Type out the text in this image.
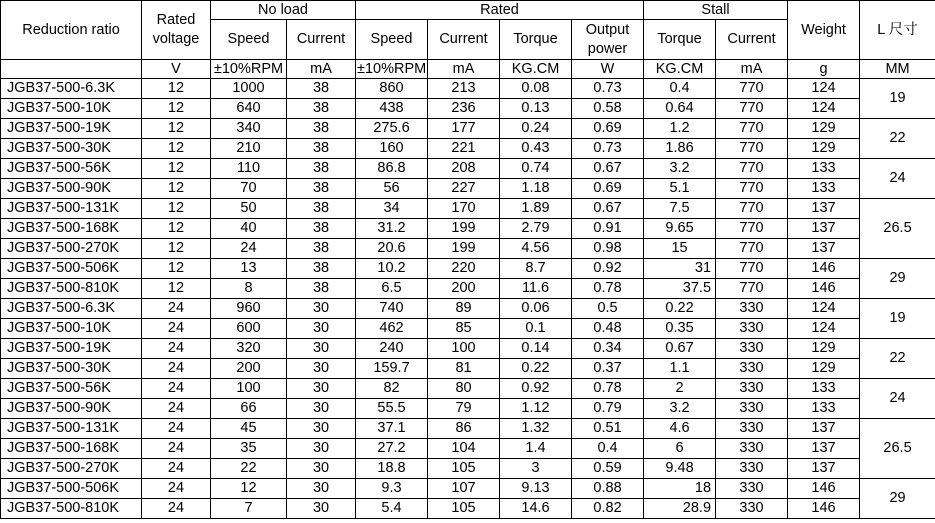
Reduction ratio	Rated voltage	No load		Rated				Stall		Weight	L 尺寸
		Speed	Current	Speed	Current	Torque	Output power	Torque	Current		
	V	±10%RPM	mA	±10%RPM	mA	KG.CM	W	KG.CM	mA	g	MM
JGB37-500-6.3K	12	1000	38	860	213	0.08	0.73	0.4	770	124	19
JGB37-500-10K	12	640	38	438	236	0.13	0.58	0.64	770	124	
JGB37-500-19K	12	340	38	275.6	177	0.24	0.69	1.2	770	129	22
JGB37-500-30K	12	210	38	160	221	0.43	0.73	1.86	770	129	
JGB37-500-56K	12	110	38	86.8	208	0.74	0.67	3.2	770	133	24
JGB37-500-90K	12	70	38	56	227	1.18	0.69	5.1	770	133	
JGB37-500-131K	12	50	38	34	170	1.89	0.67	7.5	770	137	26.5
JGB37-500-168K	12	40	38	31.2	199	2.79	0.91	9.65	770	137	
JGB37-500-270K	12	24	38	20.6	199	4.56	0.98	15	770	137	
JGB37-500-506K	12	13	38	10.2	220	8.7	0.92	31	770	146	29
JGB37-500-810K	12	8	38	6.5	200	11.6	0.78	37.5	770	146	
JGB37-500-6.3K	24	960	30	740	89	0.06	0.5	0.22	330	124	19
JGB37-500-10K	24	600	30	462	85	0.1	0.48	0.35	330	124	
JGB37-500-19K	24	320	30	240	100	0.14	0.34	0.67	330	129	22
JGB37-500-30K	24	200	30	159.7	81	0.22	0.37	1.1	330	129	
JGB37-500-56K	24	100	30	82	80	0.92	0.78	2	330	133	24
JGB37-500-90K	24	66	30	55.5	79	1.12	0.79	3.2	330	133	
JGB37-500-131K	24	45	30	37.1	86	1.32	0.51	4.6	330	137	26.5
JGB37-500-168K	24	35	30	27.2	104	1.4	0.4	6	330	137	
JGB37-500-270K	24	22	30	18.8	105	3	0.59	9.48	330	137	
JGB37-500-506K	24	12	30	9.3	107	9.13	0.88	18	330	146	29
JGB37-500-810K	24	7	30	5.4	105	14.6	0.82	28.9	330	146	
